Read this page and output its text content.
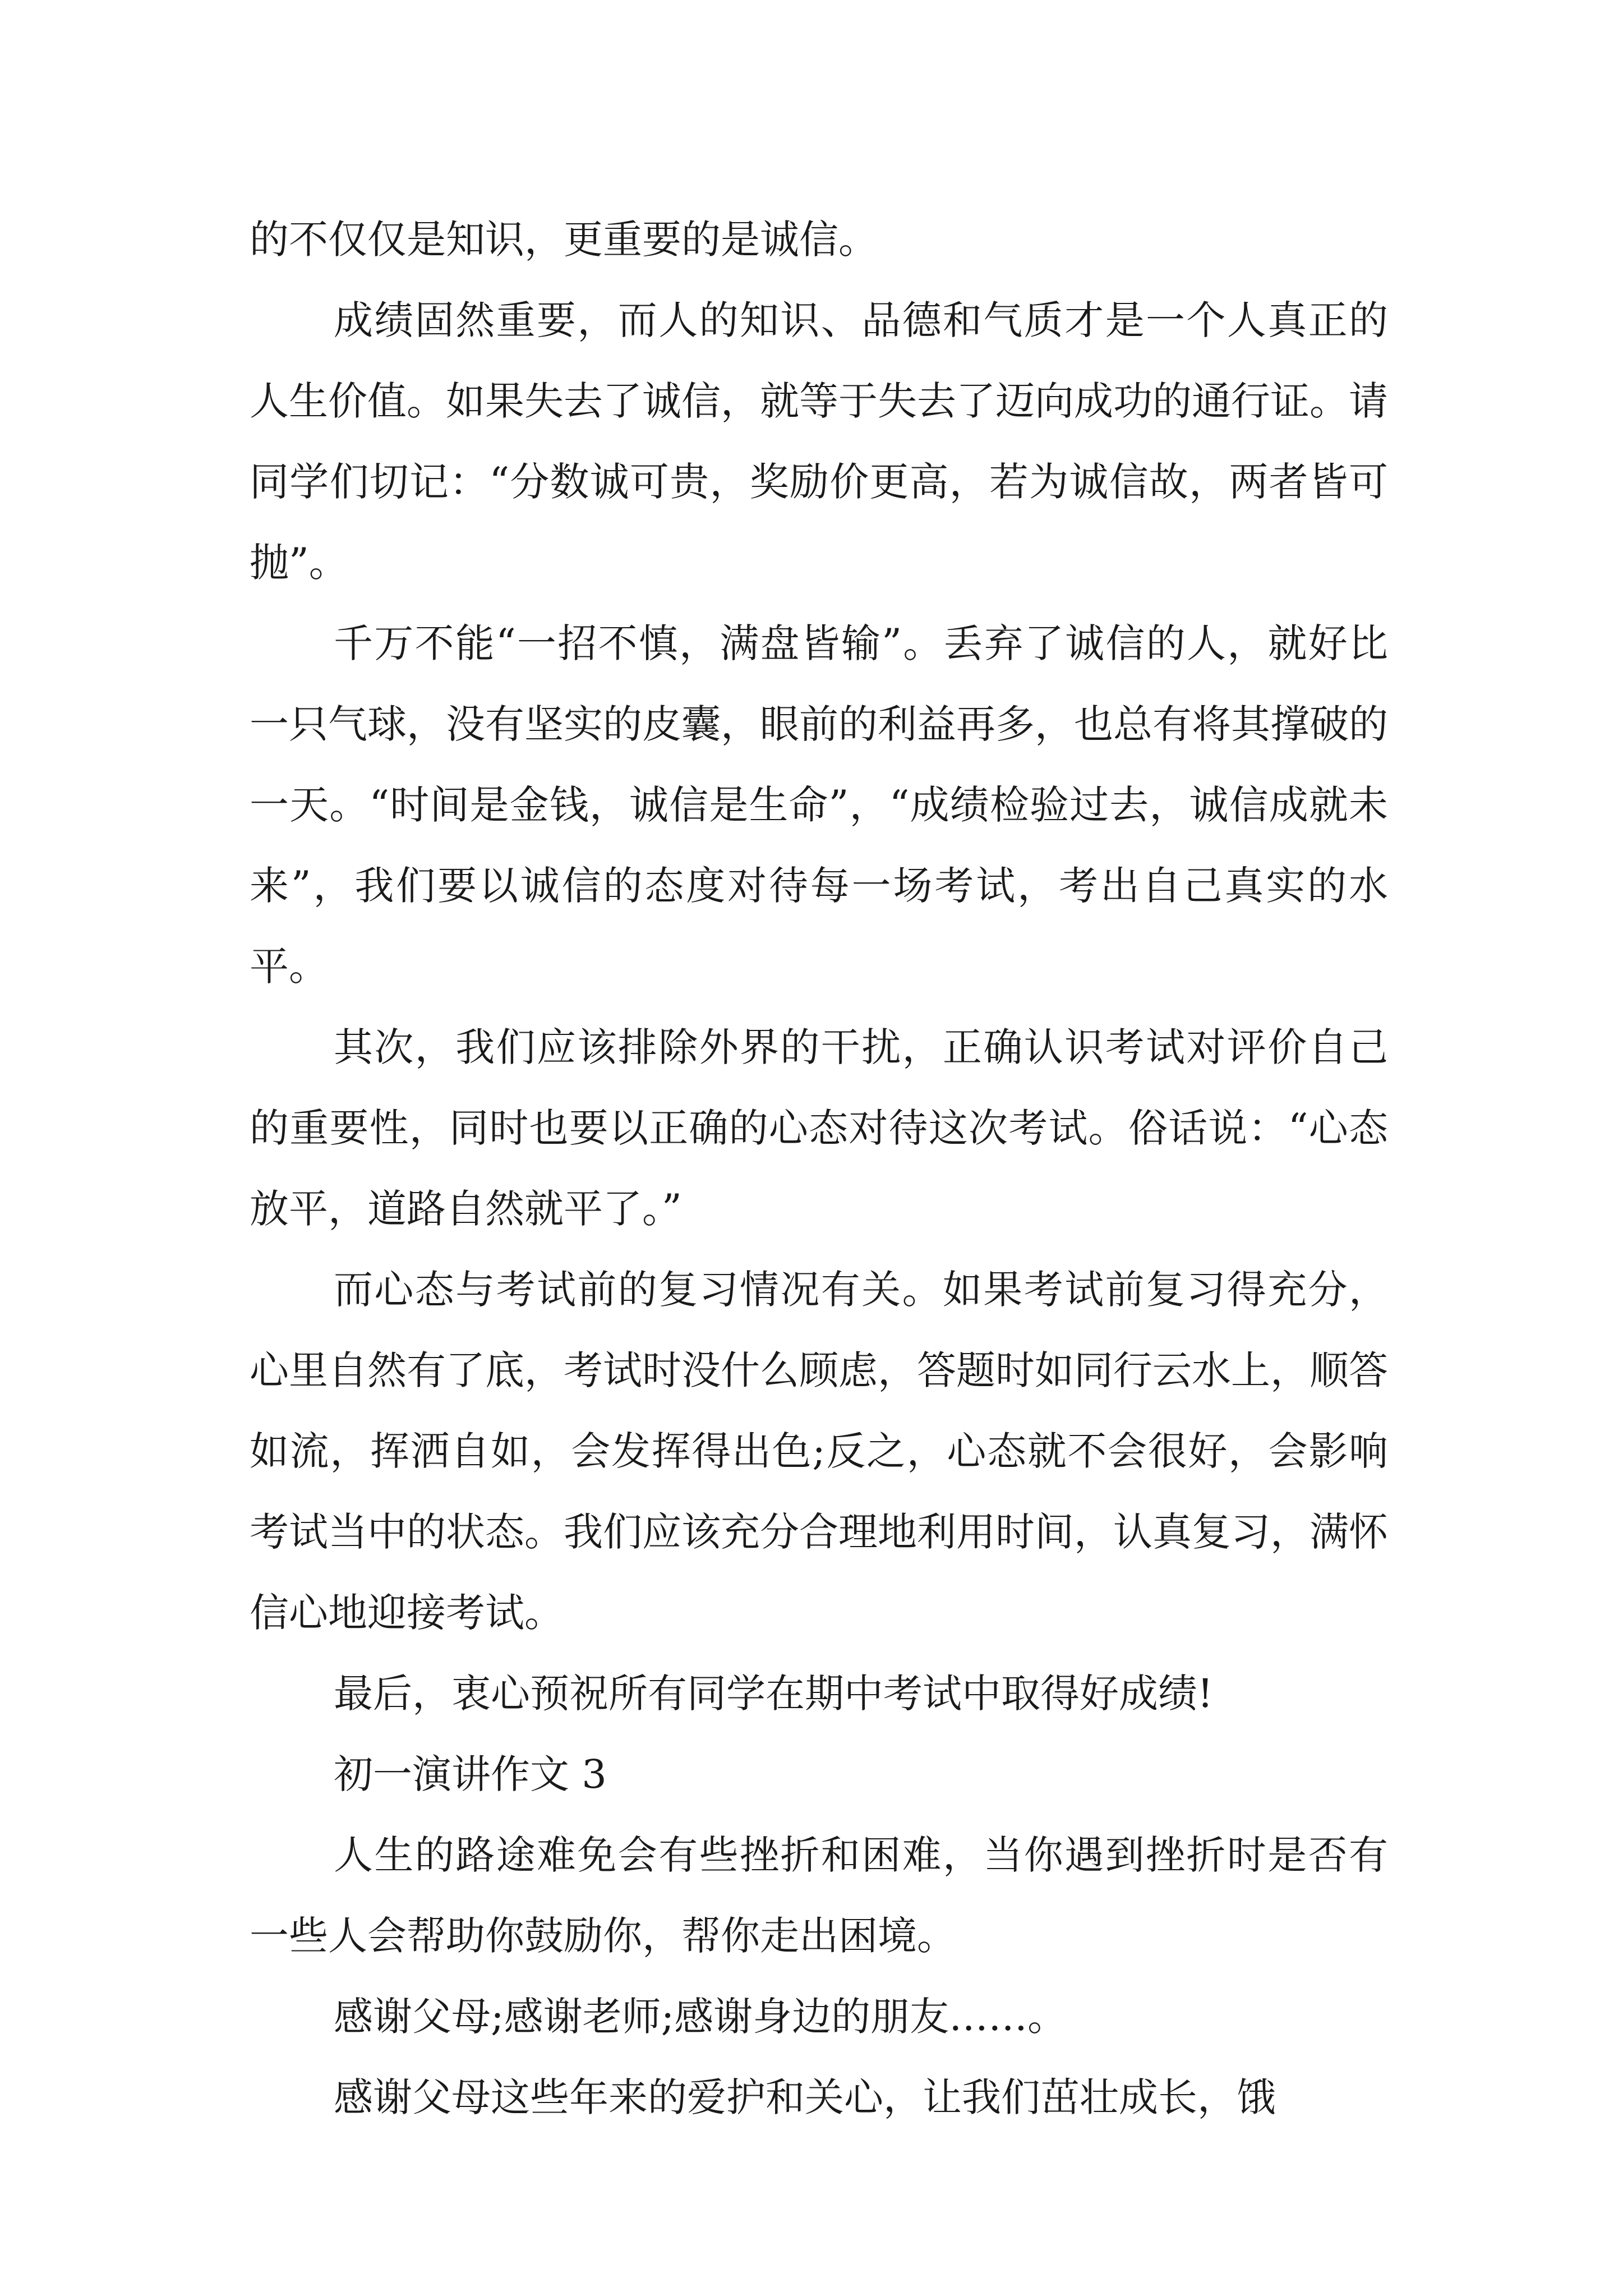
的不仅仅是知识，更重要的是诚信。

成绩固然重要，而人的知识、品德和气质才是一个人真正的人生价值。如果失去了诚信，就等于失去了迈向成功的通行证。请同学们切记：“分数诚可贵，奖励价更高，若为诚信故，两者皆可抛”。

千万不能“一招不慎，满盘皆输”。丢弃了诚信的人，就好比一只气球，没有坚实的皮囊，眼前的利益再多，也总有将其撑破的一天。“时间是金钱，诚信是生命”，“成绩检验过去，诚信成就未来”，我们要以诚信的态度对待每一场考试，考出自己真实的水平。

其次，我们应该排除外界的干扰，正确认识考试对评价自己的重要性，同时也要以正确的心态对待这次考试。俗话说：“心态放平，道路自然就平了。”

而心态与考试前的复习情况有关。如果考试前复习得充分，心里自然有了底，考试时没什么顾虑，答题时如同行云水上，顺答如流，挥洒自如，会发挥得出色;反之，心态就不会很好，会影响考试当中的状态。我们应该充分合理地利用时间，认真复习，满怀信心地迎接考试。

最后，衷心预祝所有同学在期中考试中取得好成绩!

初一演讲作文 3

人生的路途难免会有些挫折和困难，当你遇到挫折时是否有一些人会帮助你鼓励你，帮你走出困境。

感谢父母;感谢老师;感谢身边的朋友……。

感谢父母这些年来的爱护和关心，让我们茁壮成长，饿
